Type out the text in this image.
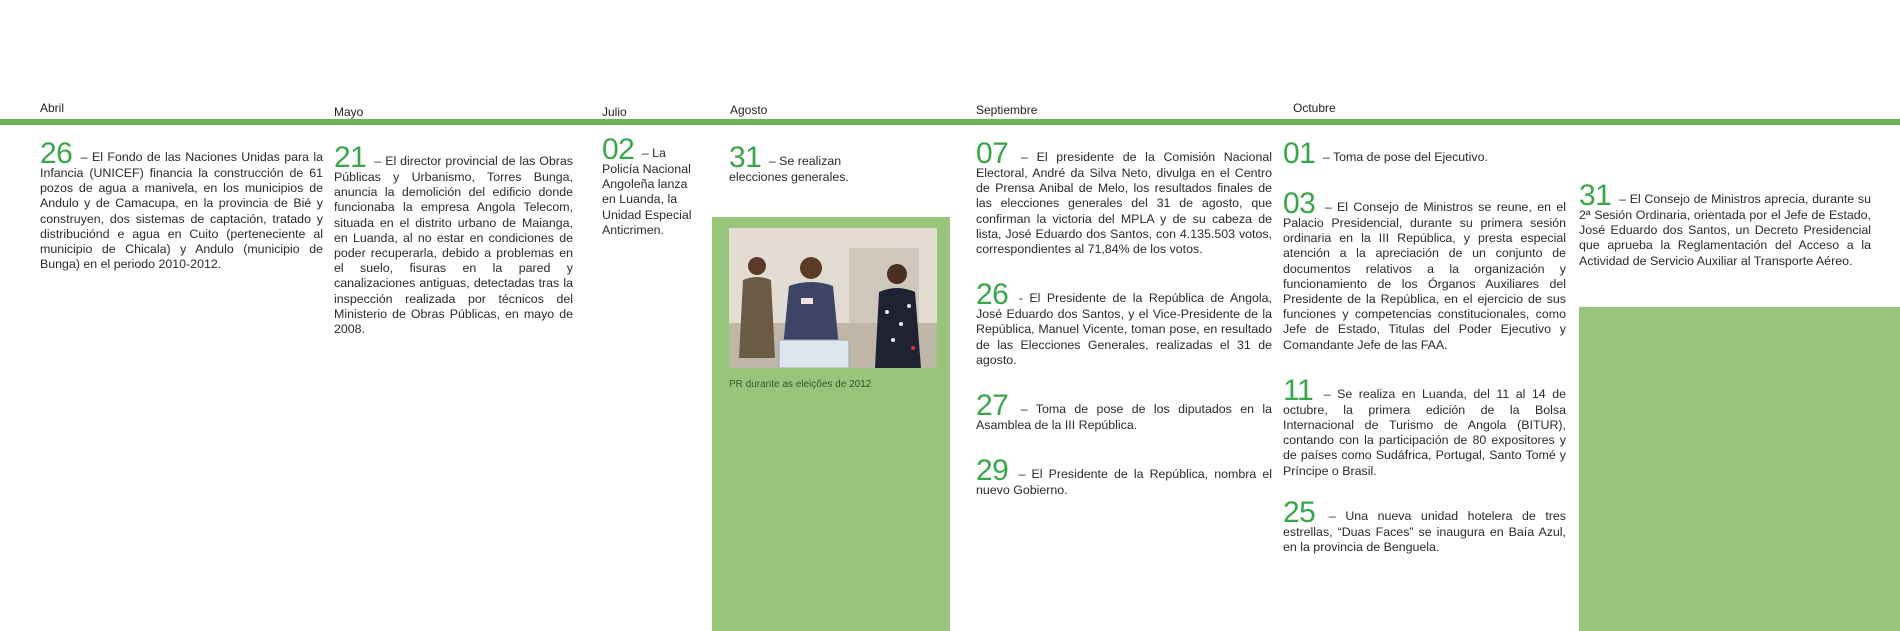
Abril	Mayo	Julio	Agosto	Septiembre	Octubre

26 – El Fondo de las Naciones Unidas para la Infancia (UNICEF) financia la construcción de 61 pozos de agua a manivela, en los municipios de Andulo y de Camacupa, en la provincia de Bié y construyen, dos sistemas de captación, tratado y distribuciónd e agua en Cuito (perteneciente al municipio de Chicala) y Andulo (municipio de Bunga) en el periodo 2010-2012.

21 – El director provincial de las Obras Públicas y Urbanismo, Torres Bunga, anuncia la demolición del edificio donde funcionaba la empresa Angola Telecom, situada en el distrito urbano de Maianga, en Luanda, al no estar en condiciones de poder recuperarla, debido a problemas en el suelo, fisuras en la pared y canalizaciones antiguas, detectadas tras la inspección realizada por técnicos del Ministerio de Obras Públicas, en mayo de 2008.

02 – La Policía Nacional Angoleña lanza en Luanda, la Unidad Especial Anticrimen.

31 – Se realizan elecciones generales.

PR durante as eleições de 2012

07 – El presidente de la Comisión Nacional Electoral, André da Silva Neto, divulga en el Centro de Prensa Anibal de Melo, los resultados finales de las elecciones generales del 31 de agosto, que confirman la victoria del MPLA y de su cabeza de lista, José Eduardo dos Santos, con 4.135.503 votos, correspondientes al 71,84% de los votos.

26 - El Presidente de la República de Angola, José Eduardo dos Santos, y el Vice-Presidente de la República, Manuel Vicente, toman pose, en resultado de las Elecciones Generales, realizadas el 31 de agosto.

27 – Toma de pose de los diputados en la Asamblea de la III República.

29 – El Presidente de la República, nombra el nuevo Gobierno.

01 – Toma de pose del Ejecutivo.

03 – El Consejo de Ministros se reune, en el Palacio Presidencial, durante su primera sesión ordinaria en la III República, y presta especial atención a la apreciación de un conjunto de documentos relativos a la organización y funcionamiento de los Órganos Auxiliares del Presidente de la República, en el ejercicio de sus funciones y competencias constitucionales, como Jefe de Estado, Titulas del Poder Ejecutivo y Comandante Jefe de las FAA.

11 – Se realiza en Luanda, del 11 al 14 de octubre, la primera edición de la Bolsa Internacional de Turismo de Angola (BITUR), contando con la participación de 80 expositores y de países como Sudáfrica, Portugal, Santo Tomé y Príncipe o Brasil.

25 – Una nueva unidad hotelera de tres estrellas, “Duas Faces” se inaugura en Baía Azul, en la provincia de Benguela.

31 – El Consejo de Ministros aprecia, durante su 2ª Sesión Ordinaria, orientada por el Jefe de Estado, José Eduardo dos Santos, un Decreto Presidencial que aprueba la Reglamentación del Acceso a la Actividad de Servicio Auxiliar al Transporte Aéreo.
